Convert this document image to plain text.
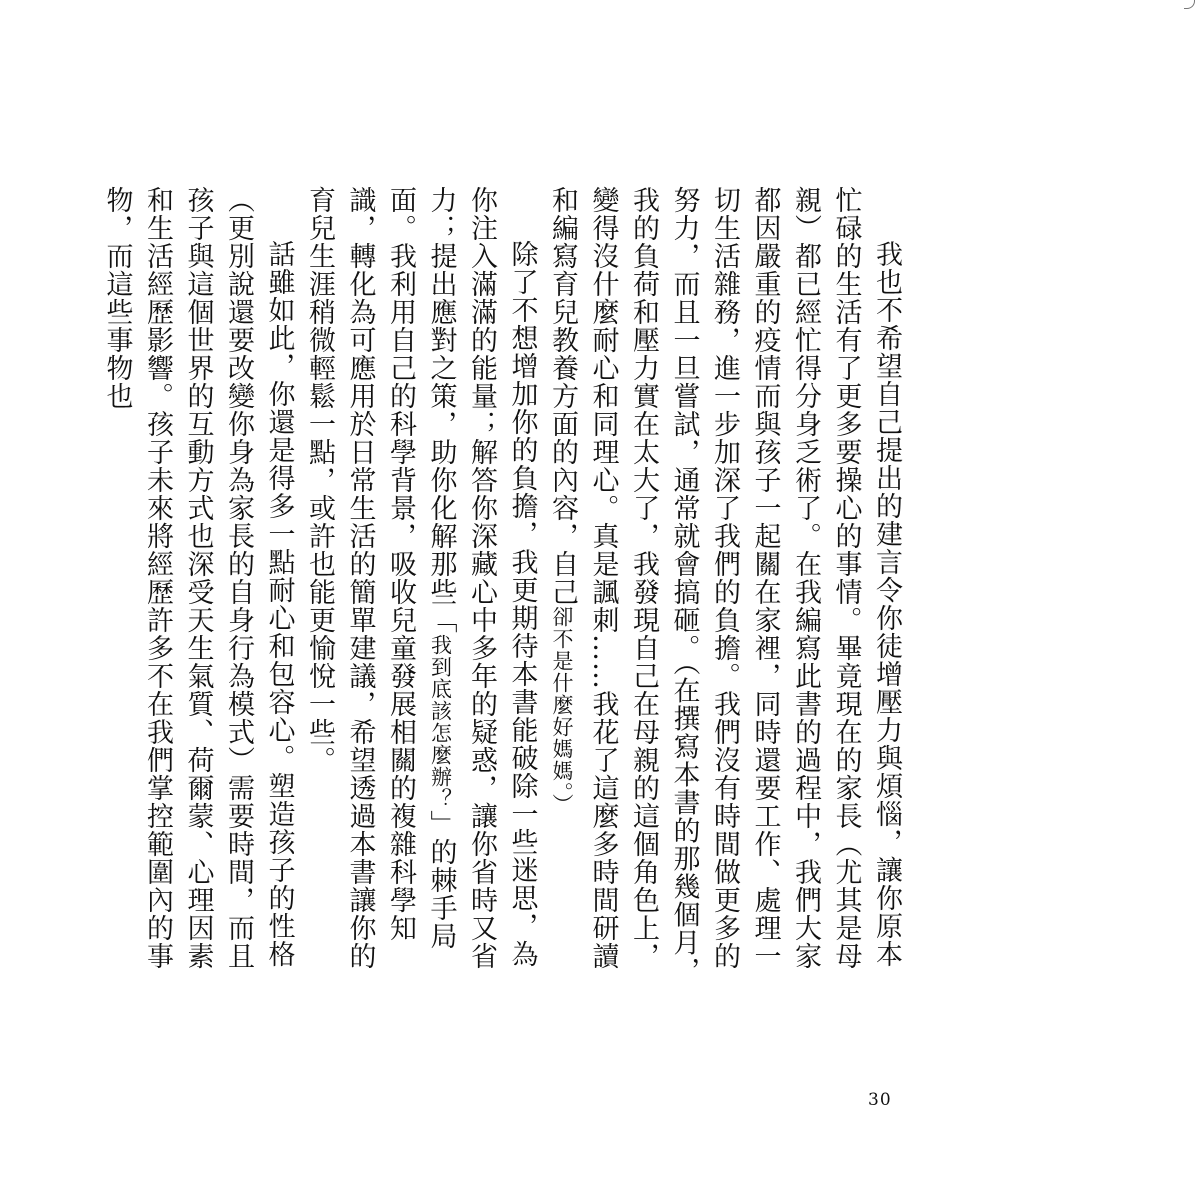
我也不希望自己提出的建言令你徒增壓力與煩惱，讓你原本忙碌的生活有了更多要操心的事情。畢竟現在的家長（尤其是母親）都已經忙得分身乏術了。在我編寫此書的過程中，我們大家都因嚴重的疫情而與孩子一起關在家裡，同時還要工作、處理一切生活雜務，進一步加深了我們的負擔。我們沒有時間做更多的努力，而且一旦嘗試，通常就會搞砸。（在撰寫本書的那幾個月，我的負荷和壓力實在太大了，我發現自己在母親的這個角色上，變得沒什麼耐心和同理心。真是諷刺……我花了這麼多時間研讀和編寫育兒教養方面的內容，自己卻不是什麼好媽媽。）

除了不想增加你的負擔，我更期待本書能破除一些迷思，為你注入滿滿的能量；解答你深藏心中多年的疑惑，讓你省時又省力；提出應對之策，助你化解那些「我到底該怎麼辦？」的棘手局面。我利用自己的科學背景，吸收兒童發展相關的複雜科學知識，轉化為可應用於日常生活的簡單建議，希望透過本書讓你的育兒生涯稍微輕鬆一點，或許也能更愉悅一些。

話雖如此，你還是得多一點耐心和包容心。塑造孩子的性格（更別說還要改變你身為家長的自身行為模式）需要時間，而且孩子與這個世界的互動方式也深受天生氣質、荷爾蒙、心理因素和生活經歷影響。孩子未來將經歷許多不在我們掌控範圍內的事物，而這些事物也

30
